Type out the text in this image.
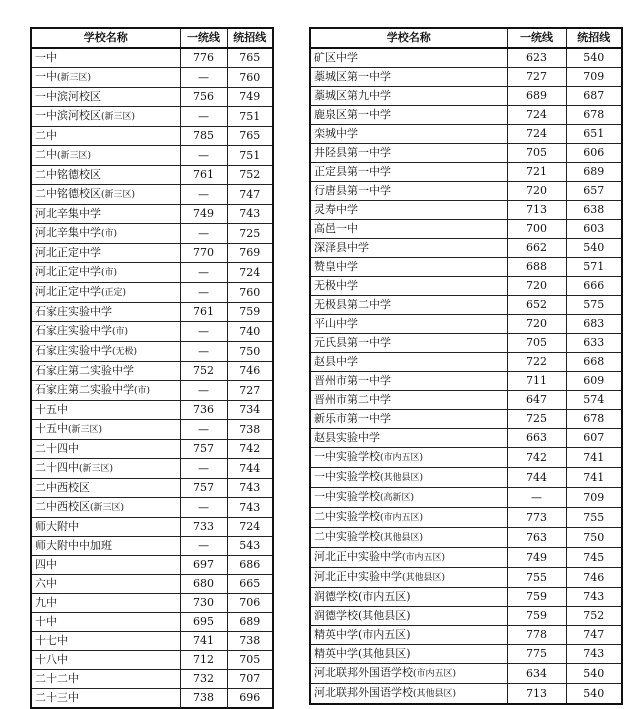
学校名称	一统线	统招线
一中	776	765
一中(新三区)	—	760
一中滨河校区	756	749
一中滨河校区(新三区)	—	751
二中	785	765
二中(新三区)	—	751
二中铭德校区	761	752
二中铭德校区(新三区)	—	747
河北辛集中学	749	743
河北辛集中学(市)	—	725
河北正定中学	770	769
河北正定中学(市)	—	724
河北正定中学(正定)	—	760
石家庄实验中学	761	759
石家庄实验中学(市)	—	740
石家庄实验中学(无极)	—	750
石家庄第二实验中学	752	746
石家庄第二实验中学(市)	—	727
十五中	736	734
十五中(新三区)	—	738
二十四中	757	742
二十四中(新三区)	—	744
二中西校区	757	743
二中西校区(新三区)	—	743
师大附中	733	724
师大附中中加班	—	543
四中	697	686
六中	680	665
九中	730	706
十中	695	689
十七中	741	738
十八中	712	705
二十二中	732	707
二十三中	738	696
学校名称	一统线	统招线
矿区中学	623	540
藁城区第一中学	727	709
藁城区第九中学	689	687
鹿泉区第一中学	724	678
栾城中学	724	651
井陉县第一中学	705	606
正定县第一中学	721	689
行唐县第一中学	720	657
灵寿中学	713	638
高邑一中	700	603
深泽县中学	662	540
赞皇中学	688	571
无极中学	720	666
无极县第二中学	652	575
平山中学	720	683
元氏县第一中学	705	633
赵县中学	722	668
晋州市第一中学	711	609
晋州市第二中学	647	574
新乐市第一中学	725	678
赵县实验中学	663	607
一中实验学校(市内五区)	742	741
一中实验学校(其他县区)	744	741
一中实验学校(高新区)	—	709
二中实验学校(市内五区)	773	755
二中实验学校(其他县区)	763	750
河北正中实验中学(市内五区)	749	745
河北正中实验中学(其他县区)	755	746
润德学校(市内五区)	759	743
润德学校(其他县区)	759	752
精英中学(市内五区)	778	747
精英中学(其他县区)	775	743
河北联邦外国语学校(市内五区)	634	540
河北联邦外国语学校(其他县区)	713	540
